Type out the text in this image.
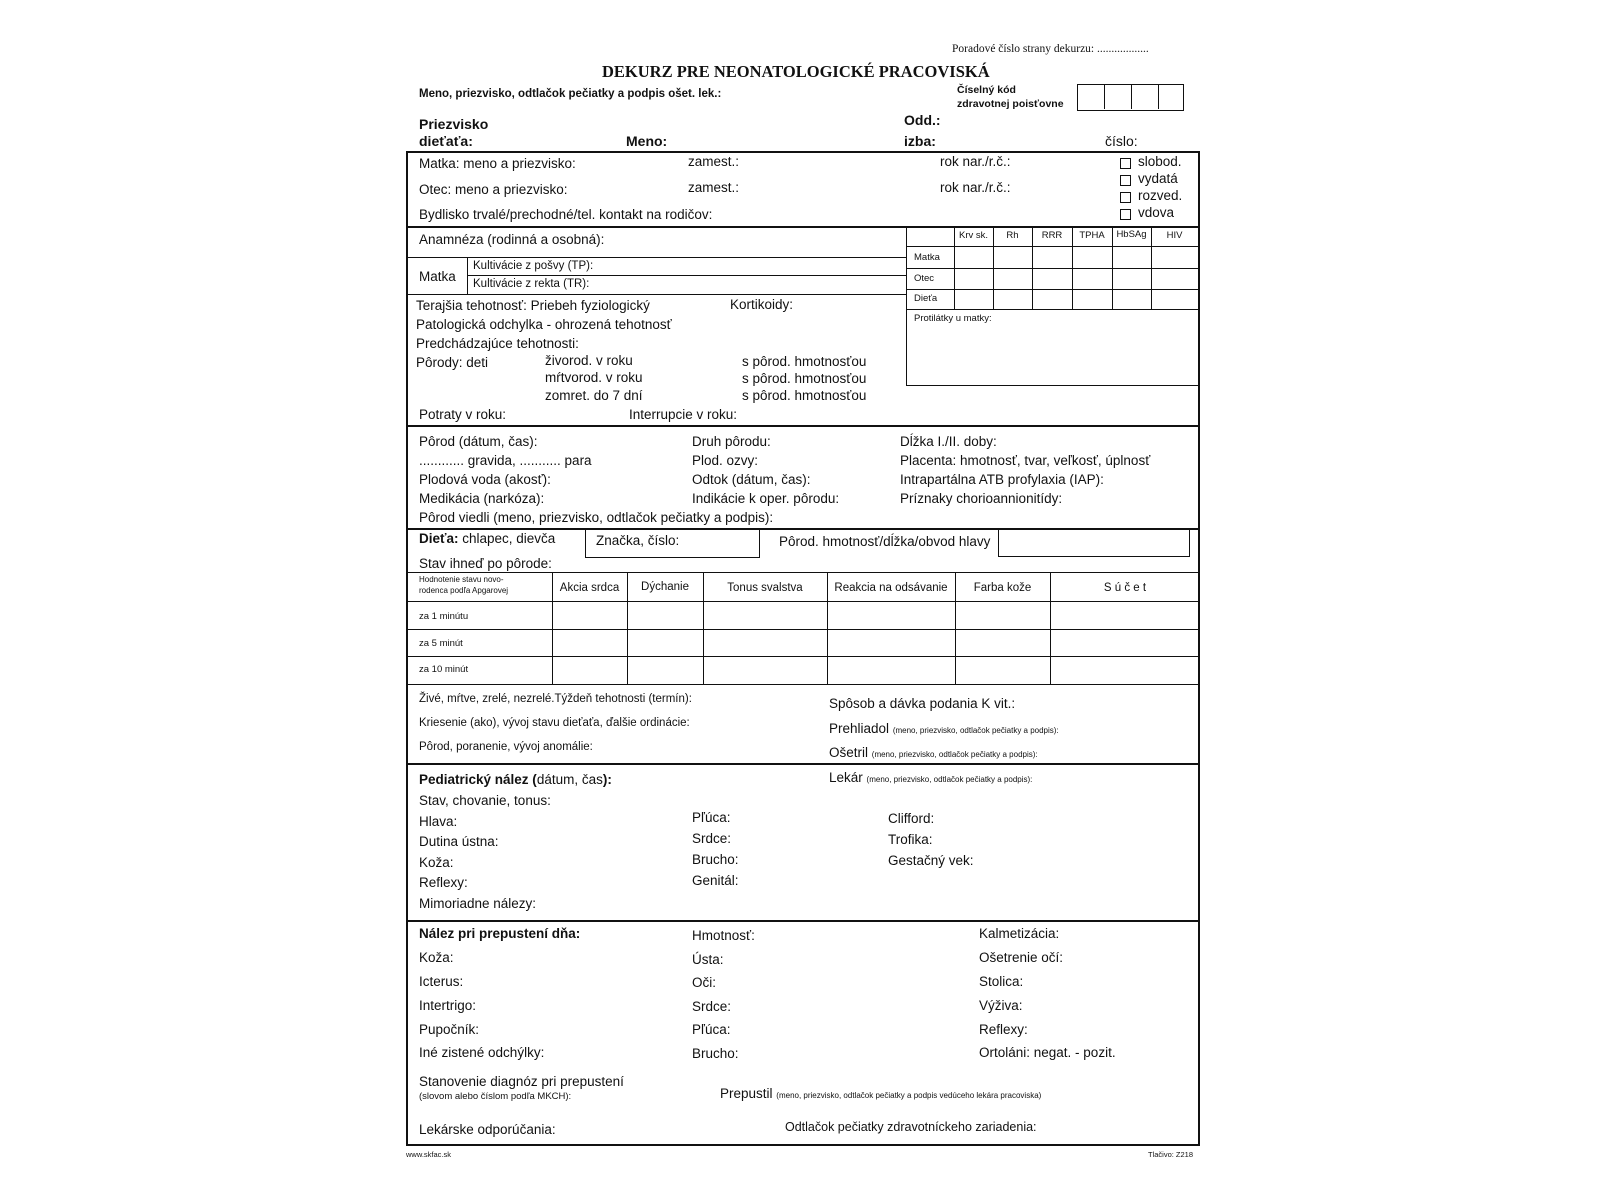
Poradové číslo strany dekurzu: ..................
DEKURZ PRE NEONATOLOGICKÉ PRACOVISKÁ
Meno, priezvisko, odtlačok pečiatky a podpis ošet. lek.:	Číselný kód
zdravotnej poisťovne
Odd.:
Priezvisko
dieťaťa:	Meno:	izba:	číslo:
Matka: meno a priezvisko:	zamest.:	rok nar./r.č.:
Otec: meno a priezvisko:	zamest.:	rok nar./r.č.:
Bydlisko trvalé/prechodné/tel. kontakt na rodičov:
slobod.
vydatá
rozved.
vdova
Anamnéza (rodinná a osobná):
Matka
Kultivácie z pošvy (TP):
Kultivácie z rekta (TR):
Terajšia tehotnosť: Priebeh fyziologický	Kortikoidy:
Patologická odchylka - ohrozená tehotnosť
Predchádzajúce tehotnosti:
Pôrody: deti	živorod. v roku
mŕtvorod. v roku
zomret. do 7 dní
s pôrod. hmotnosťou
s pôrod. hmotnosťou
s pôrod. hmotnosťou
Potraty v roku:	Interrupcie v roku:
Krv sk.	Rh	RRR	TPHA	HbSAg	HIV
Matka
Otec
Dieťa
Protilátky u matky:
Pôrod (dátum, čas):
............ gravida, ........... para
Plodová voda (akosť):
Medikácia (narkóza):
Pôrod viedli (meno, priezvisko, odtlačok pečiatky a podpis):
Druh pôrodu:
Plod. ozvy:
Odtok (dátum, čas):
Indikácie k oper. pôrodu:
Dĺžka I./II. doby:
Placenta: hmotnosť, tvar, veľkosť, úplnosť
Intrapartálna ATB profylaxia (IAP):
Príznaky chorioannionitídy:
Dieťa: chlapec, dievča	Značka, číslo:	Pôrod. hmotnosť/dĺžka/obvod hlavy
Stav ihneď po pôrode:
Hodnotenie stavu novo-
rodenca podľa Apgarovej	Akcia srdca	Dýchanie	Tonus svalstva	Reakcia na odsávanie	Farba kože	S ú č e t
za 1 minútu
za 5 minút
za 10 minút
Živé, mŕtve, zrelé, nezrelé.Týždeň tehotnosti (termín):
Kriesenie (ako), vývoj stavu dieťaťa, ďalšie ordinácie:
Pôrod, poranenie, vývoj anomálie:
Spôsob a dávka podania K vit.:
Prehliadol (meno, priezvisko, odtlačok pečiatky a podpis):
Ošetril (meno, priezvisko, odtlačok pečiatky a podpis):
Pediatrický nález (dátum, čas):	Lekár (meno, priezvisko, odtlačok pečiatky a podpis):
Stav, chovanie, tonus:
Hlava:
Dutina ústna:
Koža:
Reflexy:
Mimoriadne nálezy:
Pľúca:
Srdce:
Brucho:
Genitál:
Clifford:
Trofika:
Gestačný vek:
Nález pri prepustení dňa:
Koža:
Icterus:
Intertrigo:
Pupočník:
Iné zistené odchýlky:
Hmotnosť:
Ústa:
Oči:
Srdce:
Pľúca:
Brucho:
Kalmetizácia:
Ošetrenie očí:
Stolica:
Výživa:
Reflexy:
Ortoláni: negat. - pozit.
Stanovenie diagnóz pri prepustení
(slovom alebo číslom podľa MKCH):	Prepustil (meno, priezvisko, odtlačok pečiatky a podpis vedúceho lekára pracoviska)
Lekárske odporúčania:	Odtlačok pečiatky zdravotníckeho zariadenia:
www.skfac.sk	Tlačivo: Z218
